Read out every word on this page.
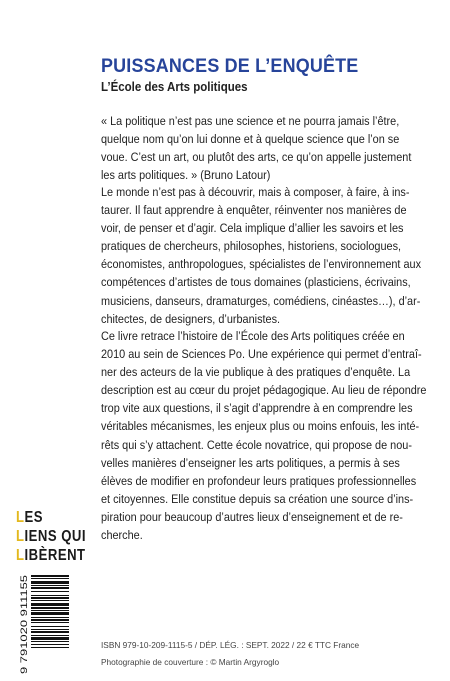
PUISSANCES DE L’ENQUÊTE
L’École des Arts politiques
« La politique n’est pas une science et ne pourra jamais l’être,
quelque nom qu’on lui donne et à quelque science que l’on se
voue. C’est un art, ou plutôt des arts, ce qu’on appelle justement
les arts politiques. » (Bruno Latour)
Le monde n’est pas à découvrir, mais à composer, à faire, à ins-
taurer. Il faut apprendre à enquêter, réinventer nos manières de
voir, de penser et d’agir. Cela implique d’allier les savoirs et les
pratiques de chercheurs, philosophes, historiens, sociologues,
économistes, anthropologues, spécialistes de l’environnement aux
compétences d’artistes de tous domaines (plasticiens, écrivains,
musiciens, danseurs, dramaturges, comédiens, cinéastes…), d’ar-
chitectes, de designers, d’urbanistes.
Ce livre retrace l’histoire de l’École des Arts politiques créée en
2010 au sein de Sciences Po. Une expérience qui permet d’entraî-
ner des acteurs de la vie publique à des pratiques d’enquête. La
description est au cœur du projet pédagogique. Au lieu de répondre
trop vite aux questions, il s’agit d’apprendre à en comprendre les
véritables mécanismes, les enjeux plus ou moins enfouis, les inté-
rêts qui s’y attachent. Cette école novatrice, qui propose de nou-
velles manières d’enseigner les arts politiques, a permis à ses
élèves de modifier en profondeur leurs pratiques professionnelles
et citoyennes. Elle constitue depuis sa création une source d’ins-
piration pour beaucoup d’autres lieux d’enseignement et de re-
cherche.
LES
LIENS QUI
LIBÈRENT
9 791020 911155	ISBN 979-10-209-1115-5 / DÉP. LÉG. : SEPT. 2022 / 22 € TTC France
Photographie de couverture : © Martin Argyroglo
